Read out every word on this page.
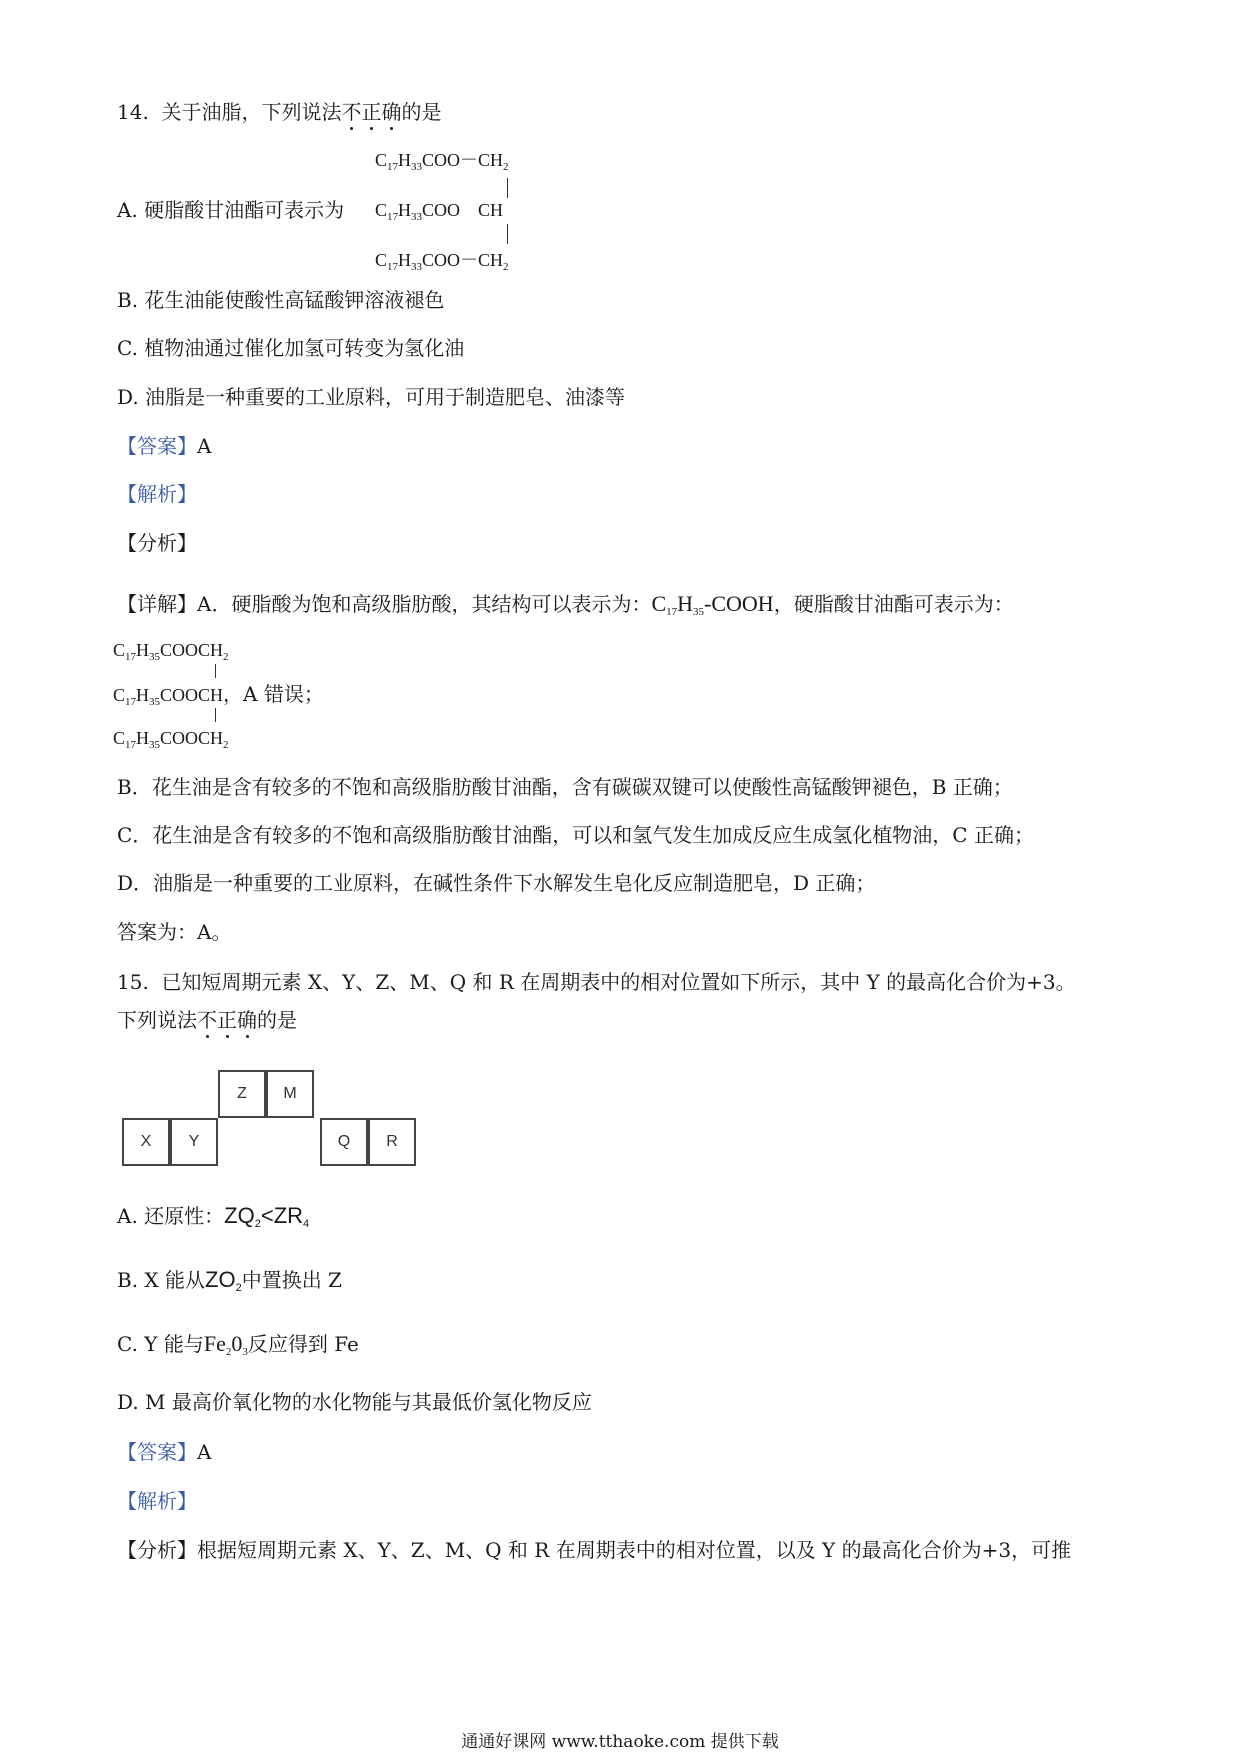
14. 关于油脂，下列说法不正确的是
$C_{17}H_{33}COO-CH_2$
A. 硬脂酸甘油酯可表示为 $C_{17}H_{33}COO$ CH
$C_{17}H_{33}COO-CH_2$
B. 花生油能使酸性高锰酸钾溶液褪色
C. 植物油通过催化加氢可转变为氢化油
D. 油脂是一种重要的工业原料，可用于制造肥皂、油漆等
【答案】A
【解析】
【分析】
【详解】A．硬脂酸为饱和高级脂肪酸，其结构可以表示为：$C_{17}H_{35}$-COOH，硬脂酸甘油酯可表示为：
$C_{17}H_{35}COOCH_2$
$C_{17}H_{35}COOCH$，A 错误；
$C_{17}H_{35}COOCH_2$
B．花生油是含有较多的不饱和高级脂肪酸甘油酯，含有碳碳双键可以使酸性高锰酸钾褪色，B 正确；
C．花生油是含有较多的不饱和高级脂肪酸甘油酯，可以和氢气发生加成反应生成氢化植物油，C 正确；
D．油脂是一种重要的工业原料，在碱性条件下水解发生皂化反应制造肥皂，D 正确；
答案为：A。
15. 已知短周期元素 X、Y、Z、M、Q 和 R 在周期表中的相对位置如下所示，其中 Y 的最高化合价为+3。
下列说法不正确的是
Z	M
X	Y	Q	R
A. 还原性：$ZQ_2<ZR_4$
B. X 能从$ZO_2$中置换出 Z
C. Y 能与$Fe_20_3$反应得到 Fe
D. M 最高价氧化物的水化物能与其最低价氢化物反应
【答案】A
【解析】
【分析】根据短周期元素 X、Y、Z、M、Q 和 R 在周期表中的相对位置，以及 Y 的最高化合价为+3，可推
通通好课网 www.tthaoke.com 提供下载
